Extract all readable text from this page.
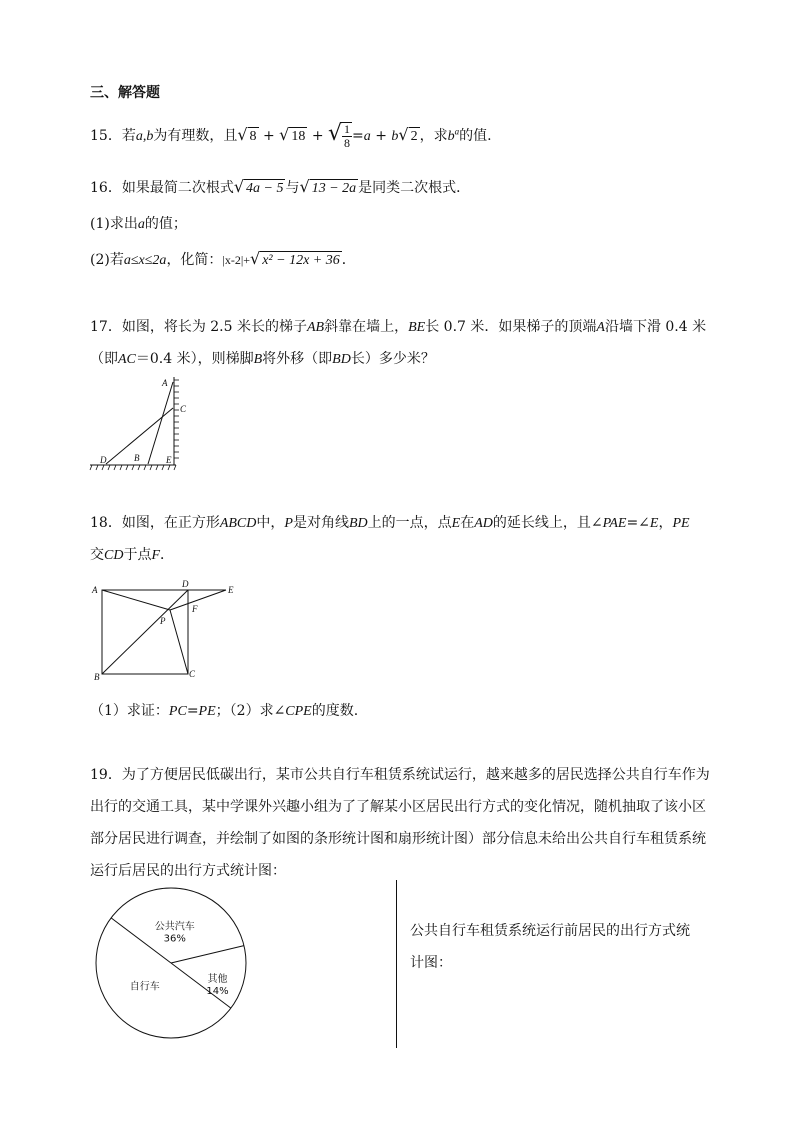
三、解答题
15．若a,b为有理数，且√ 8 + √ 18 + √ $\frac{1}{8} =a + b√$ 2 ，求$b^a$的值.
16．如果最简二次根式√ 4a − 5 与√ 13 − 2a 是同类二次根式．
(1)求出a的值；
(2)若a≤x≤2a，化简：|x-2|+√ x² − 12x + 36 ．
17．如图，将长为 2.5 米长的梯子AB斜靠在墙上，BE长 0.7 米．如果梯子的顶端A沿墙下滑 0.4 米
（即AC＝0.4 米），则梯脚B将外移（即BD长）多少米？
A
C
D	B	E
18．如图，在正方形ABCD中，P是对角线BD上的一点，点E在AD的延长线上，且∠PAE=∠E，PE
交CD于点F．
A
D
E
F
P
B	C
（1）求证：PC=PE；（2）求∠CPE的度数.
19．为了方便居民低碳出行，某市公共自行车租赁系统试运行，越来越多的居民选择公共自行车作为
出行的交通工具，某中学课外兴趣小组为了了解某小区居民出行方式的变化情况，随机抽取了该小区
部分居民进行调查，并绘制了如图的条形统计图和扇形统计图）部分信息未给出公共自行车租赁系统
运行后居民的出行方式统计图：
公共自行车租赁系统运行前居民的出行方式统
计图：
公共汽车
36%
其他
14%
自行车
